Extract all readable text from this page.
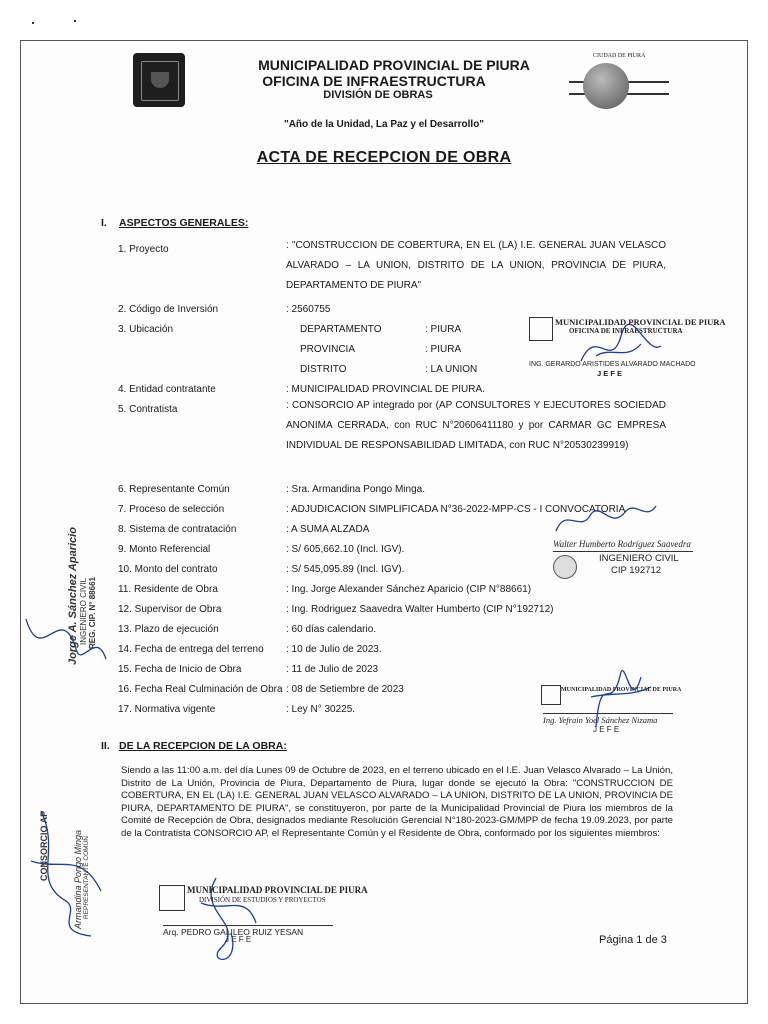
MUNICIPALIDAD PROVINCIAL DE PIURA
OFICINA DE INFRAESTRUCTURA
DIVISIÓN DE OBRAS
CIUDAD DE PIURA
"Año de la Unidad, La Paz y el Desarrollo"
ACTA DE RECEPCION DE OBRA
I. ASPECTOS GENERALES:
1. Proyecto	: "CONSTRUCCION DE COBERTURA, EN EL (LA) I.E. GENERAL JUAN VELASCO ALVARADO – LA UNION, DISTRITO DE LA UNION, PROVINCIA DE PIURA, DEPARTAMENTO DE PIURA"
2. Código de Inversión	: 2560755
3. Ubicación	DEPARTAMENTO	: PIURA
PROVINCIA	: PIURA
DISTRITO	: LA UNION
4. Entidad contratante	: MUNICIPALIDAD PROVINCIAL DE PIURA.
5. Contratista	: CONSORCIO AP integrado por (AP CONSULTORES Y EJECUTORES SOCIEDAD ANONIMA CERRADA, con RUC N°20606411180 y por CARMAR GC EMPRESA INDIVIDUAL DE RESPONSABILIDAD LIMITADA, con RUC N°20530239919)
6. Representante Común	: Sra. Armandina Pongo Minga.
7. Proceso de selección	: ADJUDICACION SIMPLIFICADA N°36-2022-MPP-CS - I CONVOCATORIA
8. Sistema de contratación	: A SUMA ALZADA
9. Monto Referencial	: S/ 605,662.10 (Incl. IGV).
10. Monto del contrato	: S/ 545,095.89 (Incl. IGV).
11. Residente de Obra	: Ing. Jorge Alexander Sánchez Aparicio (CIP N°88661)
12. Supervisor de Obra	: Ing. Rodriguez Saavedra Walter Humberto (CIP N°192712)
13. Plazo de ejecución	: 60 días calendario.
14. Fecha de entrega del terreno : 10 de Julio de 2023.
15. Fecha de Inicio de Obra	: 11 de Julio de 2023
16. Fecha Real Culminación de Obra : 08 de Setiembre de 2023
17. Normativa vigente	: Ley N° 30225.
II. DE LA RECEPCION DE LA OBRA:
Siendo a las 11:00 a.m. del día Lunes 09 de Octubre de 2023, en el terreno ubicado en el I.E. Juan Velasco Alvarado – La Unión, Distrito de La Unión, Provincia de Piura, Departamento de Piura, lugar donde se ejecutó la Obra: "CONSTRUCCION DE COBERTURA, EN EL (LA) I.E. GENERAL JUAN VELASCO ALVARADO – LA UNION, DISTRITO DE LA UNION, PROVINCIA DE PIURA, DEPARTAMENTO DE PIURA", se constituyeron, por parte de la Municipalidad Provincial de Piura los miembros de la Comité de Recepción de Obra, designados mediante Resolución Gerencial N°180-2023-GM/MPP de fecha 19.09.2023, por parte de la Contratista CONSORCIO AP, el Representante Común y el Residente de Obra, conformado por los siguientes miembros:
Página 1 de 3
MUNICIPALIDAD PROVINCIAL DE PIURA
OFICINA DE INFRAESTRUCTURA
ING. GERARDO ARISTIDES ALVARADO MACHADO
J E F E
Walter Humberto Rodríguez Saavedra
INGENIERO CIVIL
CIP 192712
MUNICIPALIDAD PROVINCIAL DE PIURA
Ing. Yefrain Yoel Sánchez Nizama
J E F E
MUNICIPALIDAD PROVINCIAL DE PIURA
DIVISIÓN DE ESTUDIOS Y PROYECTOS
Arq. PEDRO GALILEO RUIZ YESAN
J E F E
Jorge A. Sánchez Aparicio INGENIERO CIVIL REG. CIP. N° 88661
Armandina Pongo Minga REPRESENTANTE COMÚN
CONSORCIO AP
